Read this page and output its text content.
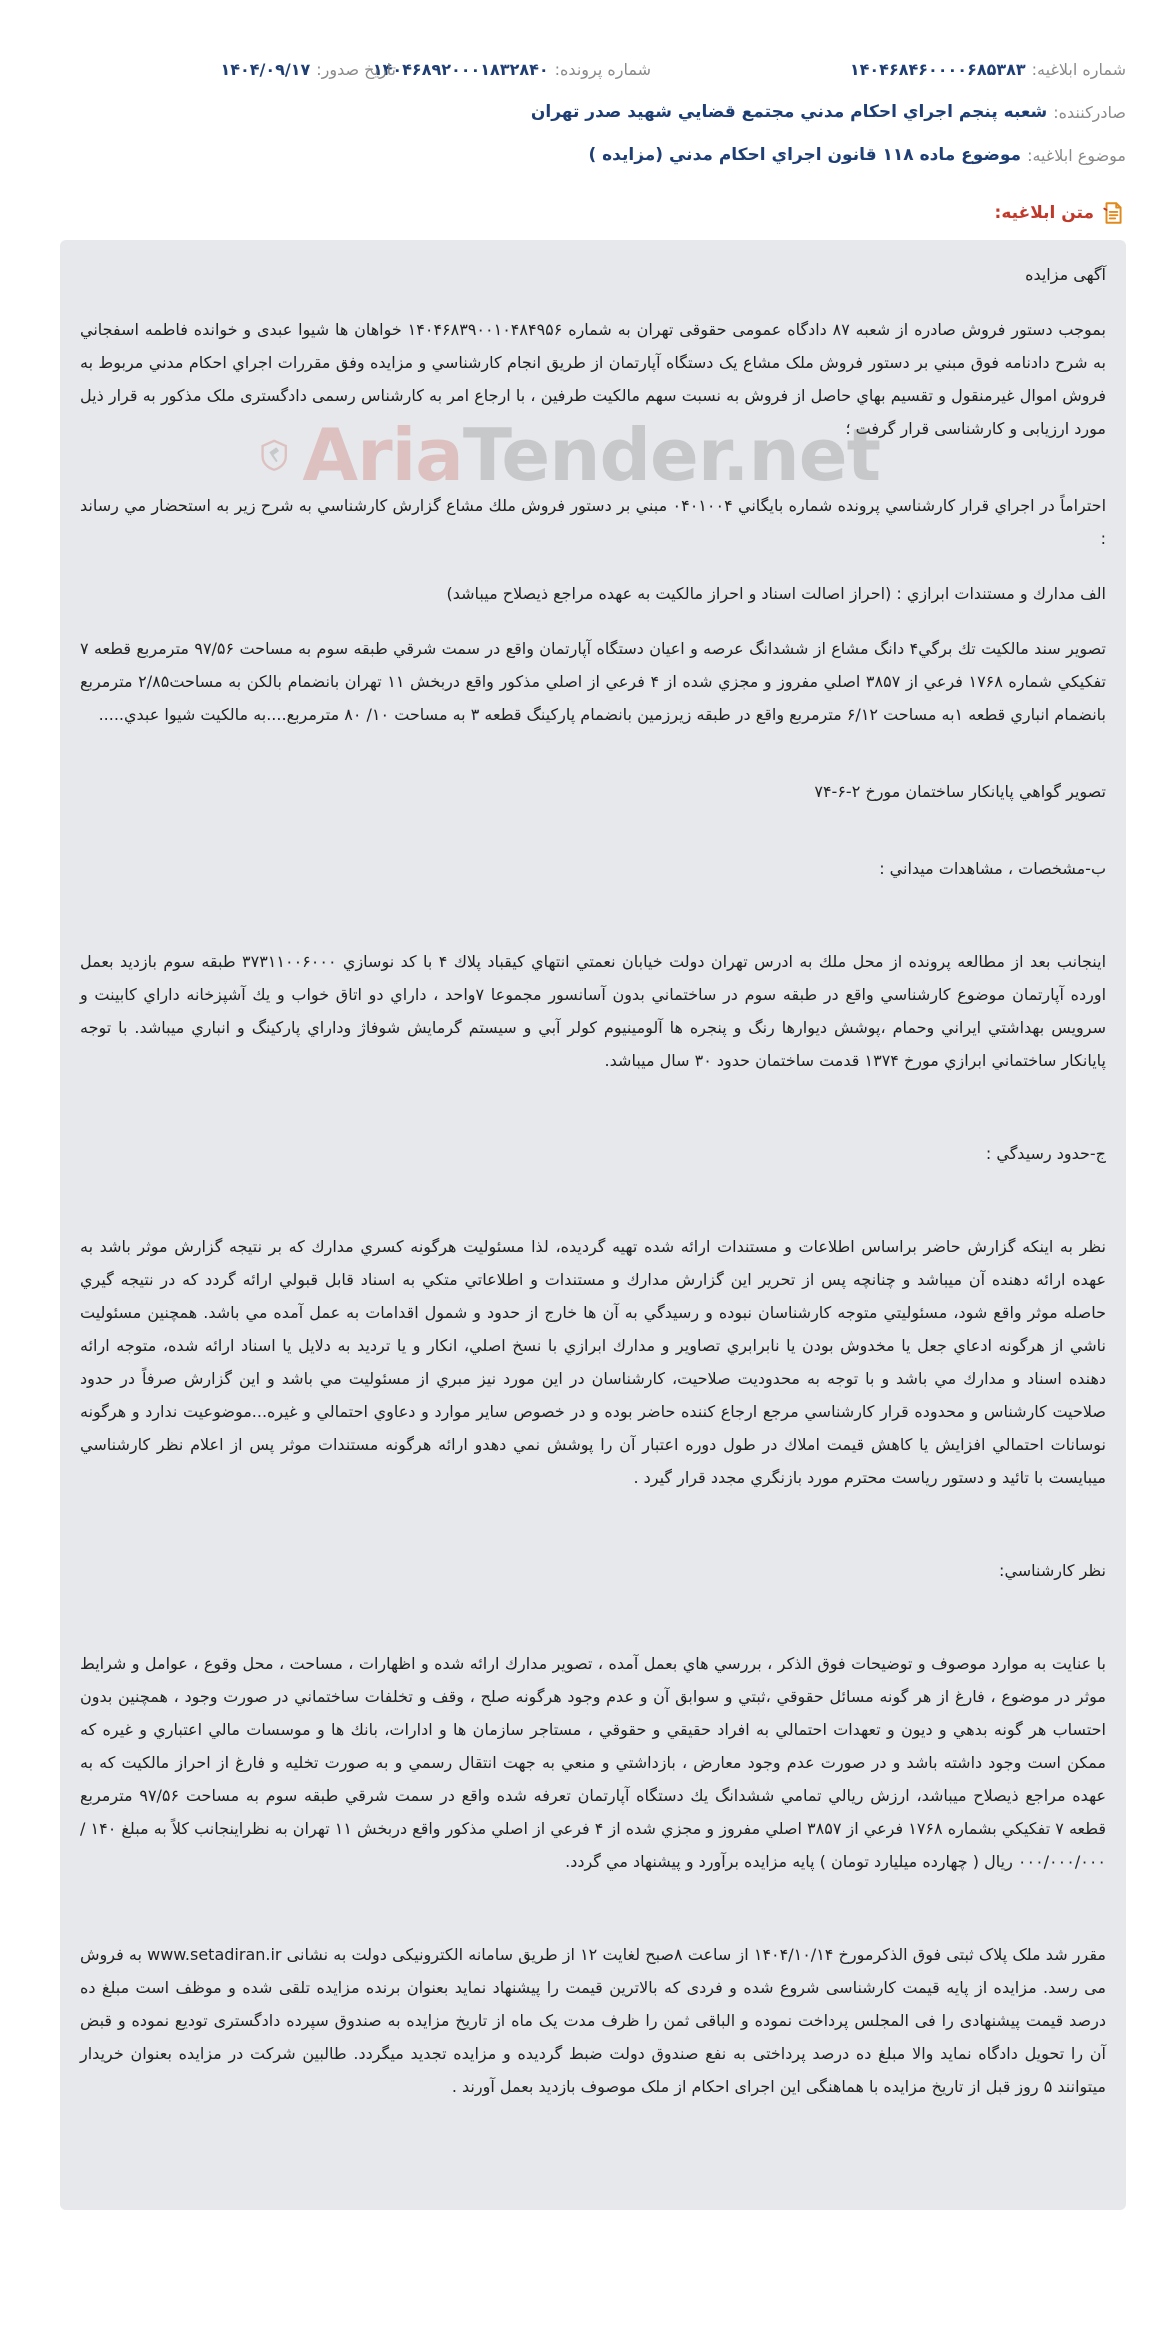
شماره ابلاغیه:
۱۴۰۴۶۸۴۶۰۰۰۰۶۸۵۳۸۳
شماره پرونده:
۱۴۰۴۶۸۹۲۰۰۰۱۸۳۲۸۴۰
تاریخ صدور:
۱۴۰۴/۰۹/۱۷
صادرکننده:
شعبه پنجم اجراي احکام مدني مجتمع قضايي شهيد صدر تهران
موضوع ابلاغیه:
موضوع ماده ۱۱۸ قانون اجراي احکام مدني (مزايده )
متن ابلاغیه:
AriaTender.net

آگهی مزایده

بموجب دستور فروش صادره از شعبه ۸۷ دادگاه عمومی حقوقی تهران به شماره ۱۴۰۴۶۸۳۹۰۰۱۰۴۸۴۹۵۶ خواهان ها شیوا عبدی و خوانده فاطمه اسفجاني به شرح دادنامه فوق مبني بر دستور فروش ملک مشاع يک دستگاه آپارتمان از طريق انجام کارشناسي و مزايده وفق مقررات اجراي احکام مدني مربوط به فروش اموال غيرمنقول و تقسيم بهاي حاصل از فروش به نسبت سهم مالکيت طرفين ، با ارجاع امر به کارشناس رسمی دادگستری ملک مذکور به قرار ذیل مورد ارزیابی و کارشناسی قرار گرفت ؛

احتراماً در اجراي قرار كارشناسي پرونده شماره بايگاني ۰۴۰۱۰۰۴ مبني بر دستور فروش ملك مشاع گزارش كارشناسي به شرح زير به استحضار مي رساند :

الف مدارك و مستندات ابرازي : (احراز اصالت اسناد و احراز مالكيت به عهده مراجع ذيصلاح ميباشد)

تصوير سند مالكيت تك برگي۴ دانگ مشاع از ششدانگ عرصه و اعيان دستگاه آپارتمان واقع در سمت شرقي طبقه سوم به مساحت ۹۷/۵۶ مترمربع قطعه ۷ تفكيكي شماره ۱۷۶۸ فرعي از ۳۸۵۷ اصلي مفروز و مجزي شده از ۴ فرعي از اصلي مذكور واقع دربخش ۱۱ تهران بانضمام بالكن به مساحت۲/۸۵ مترمربع بانضمام انباري قطعه ۱به مساحت ۶/۱۲ مترمربع واقع در طبقه زيرزمين بانضمام پاركينگ قطعه ۳ به مساحت ۱۰/ ۸۰ مترمربع....به مالكيت شيوا عبدي.....

تصوير گواهي پايانكار ساختمان مورخ ۲-۶-۷۴

ب-مشخصات ، مشاهدات ميداني :

اينجانب بعد از مطالعه پرونده از محل ملك به ادرس تهران دولت خيابان نعمتي انتهاي كيقباد پلاك ۴ با كد نوسازي ۳۷۳۱۱۰۰۶۰۰۰ طبقه سوم بازديد بعمل اورده آپارتمان موضوع كارشناسي واقع در طبقه سوم در ساختماني بدون آسانسور مجموعا ۷واحد ، داراي دو اتاق خواب و يك آشپزخانه داراي كابينت و سرويس بهداشتي ايراني وحمام ،پوشش ديوارها رنگ و پنجره ها آلومينيوم كولر آبي و سيستم گرمايش شوفاژ وداراي پاركينگ و انباري ميباشد. با توجه پايانكار ساختماني ابرازي مورخ ۱۳۷۴ قدمت ساختمان حدود ۳۰ سال ميباشد.

ج-حدود رسيدگي :

نظر به اينكه گزارش حاضر براساس اطلاعات و مستندات ارائه شده تهيه گرديده، لذا مسئوليت هرگونه كسري مدارك كه بر نتيجه گزارش موثر باشد به عهده ارائه دهنده آن ميباشد و چنانچه پس از تحرير اين گزارش مدارك و مستندات و اطلاعاتي متكي به اسناد قابل قبولي ارائه گردد كه در نتيجه گيري حاصله موثر واقع شود، مسئوليتي متوجه كارشناسان نبوده و رسيدگي به آن ها خارج از حدود و شمول اقدامات به عمل آمده مي باشد. همچنين مسئوليت ناشي از هرگونه ادعاي جعل يا مخدوش بودن يا نابرابري تصاوير و مدارك ابرازي با نسخ اصلي، انكار و يا ترديد به دلايل يا اسناد ارائه شده، متوجه ارائه دهنده اسناد و مدارك مي باشد و با توجه به محدوديت صلاحيت، كارشناسان در اين مورد نيز مبري از مسئوليت مي باشد و اين گزارش صرفاً در حدود صلاحيت كارشناس و محدوده قرار كارشناسي مرجع ارجاع كننده حاضر بوده و در خصوص ساير موارد و دعاوي احتمالي و غيره...موضوعيت ندارد و هرگونه نوسانات احتمالي افزايش يا كاهش قيمت املاك در طول دوره اعتبار آن را پوشش نمي دهدو ارائه هرگونه مستندات موثر پس از اعلام نظر كارشناسي ميبايست با تائيد و دستور رياست محترم مورد بازنگري مجدد قرار گيرد .

نظر كارشناسي:

با عنايت به موارد موصوف و توضيحات فوق الذكر ، بررسي هاي بعمل آمده ، تصوير مدارك ارائه شده و اظهارات ، مساحت ، محل وقوع ، عوامل و شرايط موثر در موضوع ، فارغ از هر گونه مسائل حقوقي ،ثبتي و سوابق آن و عدم وجود هرگونه صلح ، وقف و تخلفات ساختماني در صورت وجود ، همچنين بدون احتساب هر گونه بدهي و ديون و تعهدات احتمالي به افراد حقيقي و حقوقي ، مستاجر سازمان ها و ادارات، بانك ها و موسسات مالي اعتباري و غيره كه ممكن است وجود داشته باشد و در صورت عدم وجود معارض ، بازداشتي و منعي به جهت انتقال رسمي و به صورت تخليه و فارغ از احراز مالكيت كه به عهده مراجع ذيصلاح ميباشد، ارزش ريالي تمامي ششدانگ يك دستگاه آپارتمان تعرفه شده واقع در سمت شرقي طبقه سوم به مساحت ۹۷/۵۶ مترمربع قطعه ۷ تفكيكي بشماره ۱۷۶۸ فرعي از ۳۸۵۷ اصلي مفروز و مجزي شده از ۴ فرعي از اصلي مذكور واقع دربخش ۱۱ تهران به نظراينجانب كلاً به مبلغ ۱۴۰ /۰۰۰/۰۰۰/۰۰۰ ريال ( چهارده ميليارد تومان ) پايه مزايده برآورد و پيشنهاد مي گردد.

مقرر شد ملک پلاک ثبتی فوق الذکرمورخ ۱۴۰۴/۱۰/۱۴ از ساعت ۸صبح لغایت ۱۲ از طريق سامانه الکترونيکی دولت به نشانی www.setadiran.ir به فروش می رسد. مزايده از پايه قيمت کارشناسی شروع شده و فردی که بالاترين قيمت را پيشنهاد نمايد بعنوان برنده مزايده تلقی شده و موظف است مبلغ ده درصد قيمت پيشنهادی را فی المجلس پرداخت نموده و الباقی ثمن را ظرف مدت يک ماه از تاريخ مزايده به صندوق سپرده دادگستری توديع نموده و قبض آن را تحويل دادگاه نمايد والا مبلغ ده درصد پرداختی به نفع صندوق دولت ضبط گرديده و مزايده تجديد ميگردد. طالبين شرکت در مزايده بعنوان خريدار ميتوانند ۵ روز قبل از تاريخ مزايده با هماهنگی اين اجرای احکام از ملک موصوف بازديد بعمل آورند .
